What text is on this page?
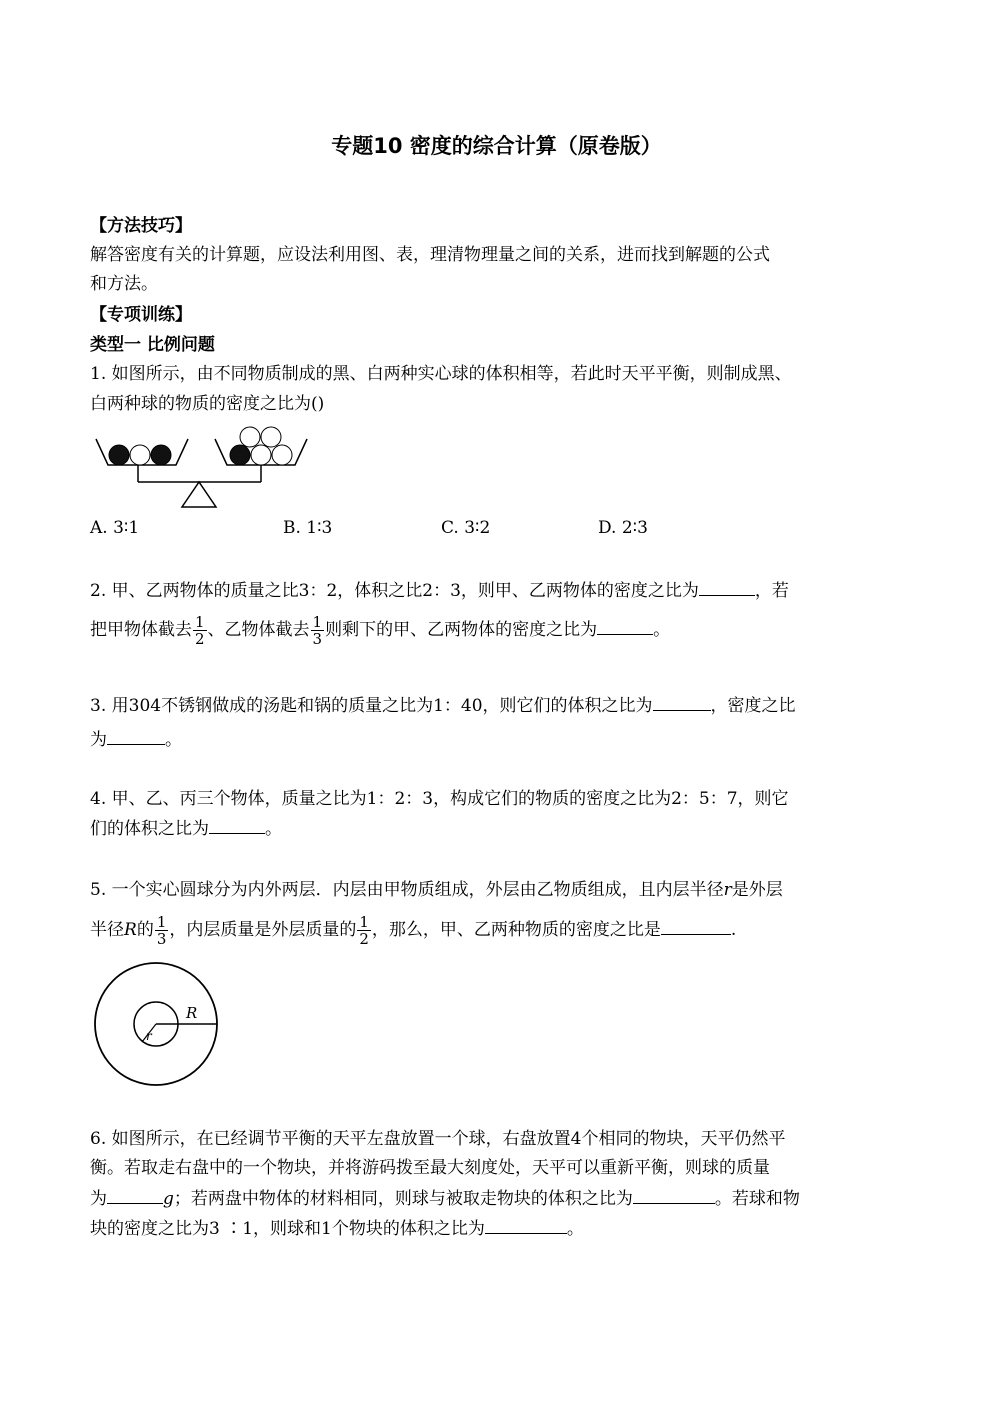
专题10 密度的综合计算（原卷版）
【方法技巧】
解答密度有关的计算题，应设法利用图、表，理清物理量之间的关系，进而找到解题的公式
和方法。
【专项训练】
类型一 比例问题
1. 如图所示，由不同物质制成的黑、白两种实心球的体积相等，若此时天平平衡，则制成黑、
白两种球的物质的密度之比为()
A. 3∶1	B. 1∶3	C. 3∶2	D. 2∶3
2. 甲、乙两物体的质量之比3：2，体积之比2：3，则甲、乙两物体的密度之比为	，若
把甲物体截去 $\frac{1}{2}$ 、乙物体截去 $\frac{1}{3}$ 则剩下的甲、乙两物体的密度之比为	。
3. 用304不锈钢做成的汤匙和锅的质量之比为1：40，则它们的体积之比为	，密度之比
为	。
4. 甲、乙、丙三个物体，质量之比为1：2：3，构成它们的物质的密度之比为2：5：7，则它
们的体积之比为	。
5. 一个实心圆球分为内外两层．内层由甲物质组成，外层由乙物质组成，且内层半径r是外层
半径R的 $\frac{1}{3}$ ，内层质量是外层质量的 $\frac{1}{2}$ ，那么，甲、乙两种物质的密度之比是	.
R
r
6. 如图所示，在已经调节平衡的天平左盘放置一个球，右盘放置4个相同的物块，天平仍然平
衡。若取走右盘中的一个物块，并将游码拨至最大刻度处，天平可以重新平衡，则球的质量
为	g；若两盘中物体的材料相同，则球与被取走物块的体积之比为	。若球和物
块的密度之比为3 ∶1，则球和1个物块的体积之比为	。
